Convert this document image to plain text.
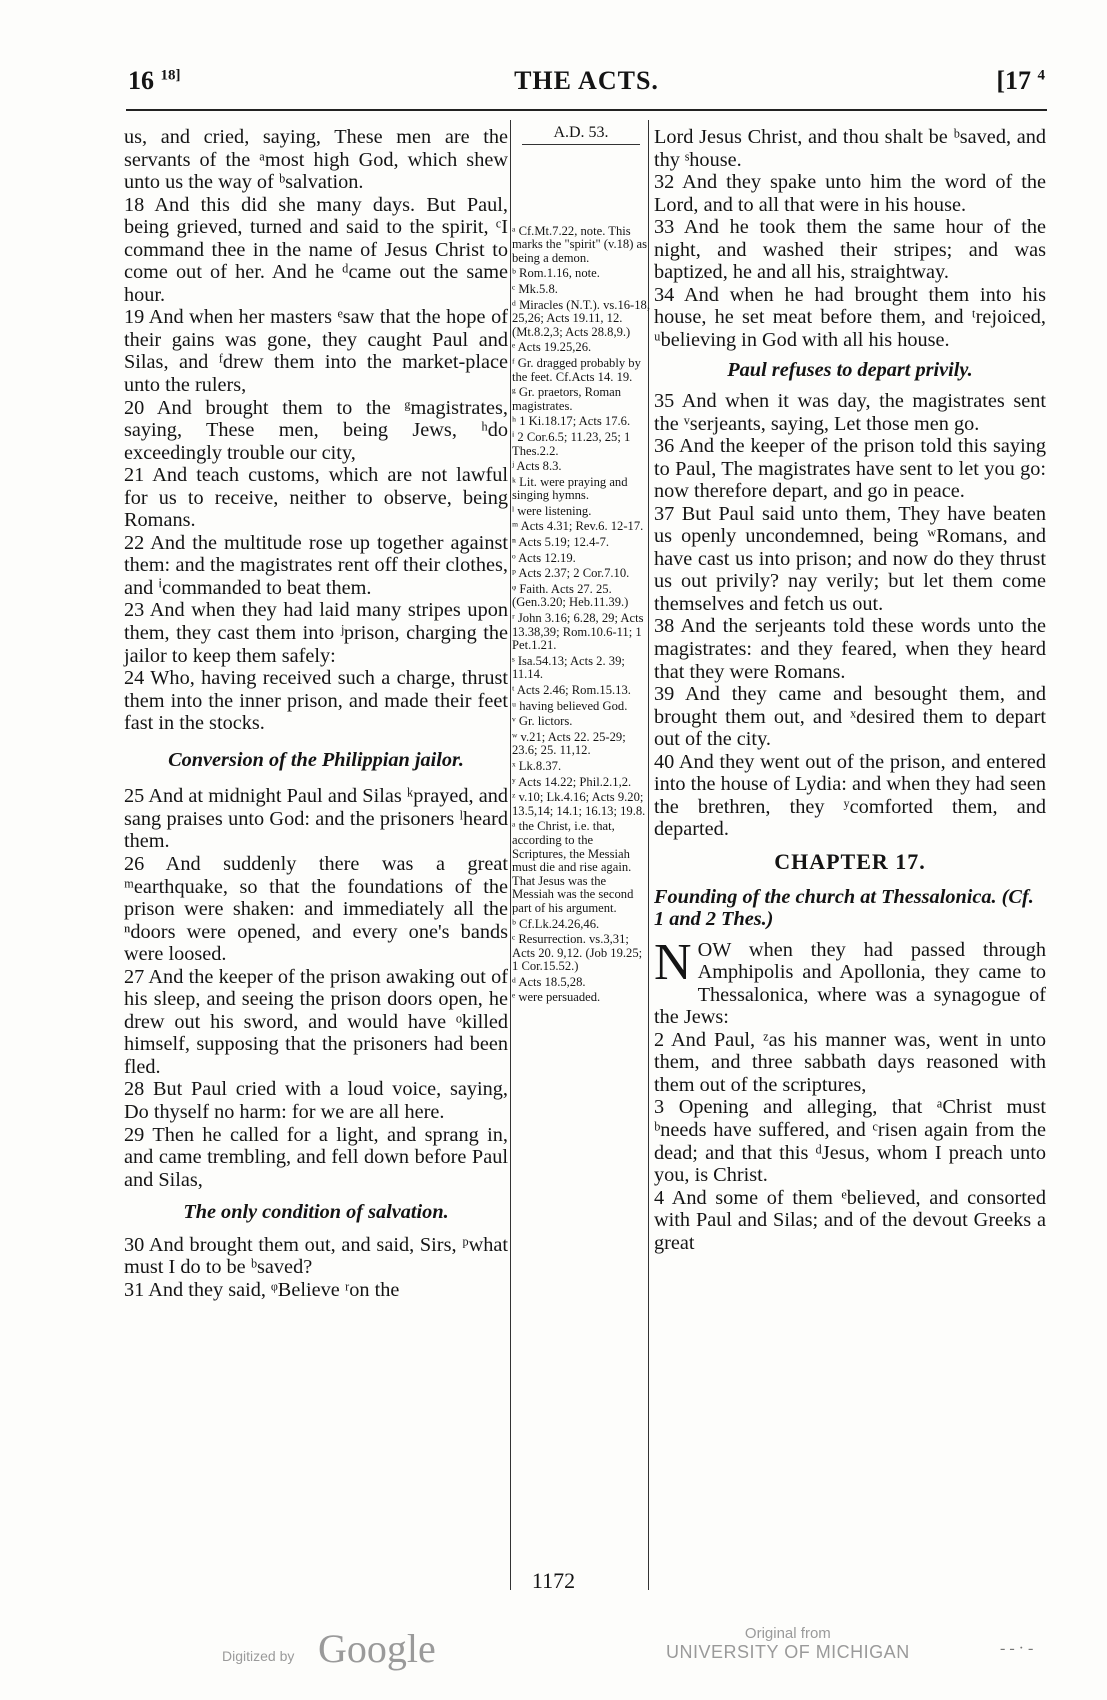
16 $^{18]}$	THE ACTS.	[17 $^4$

us, and cried, saying, These men are the servants of the ᵃmost high God, which shew unto us the way of ᵇsalvation.

18 And this did she many days. But Paul, being grieved, turned and said to the spirit, ᶜI command thee in the name of Jesus Christ to come out of her. And he ᵈcame out the same hour.

19 And when her masters ᵉsaw that the hope of their gains was gone, they caught Paul and Silas, and ᶠdrew them into the market-place unto the rulers,

20 And brought them to the ᵍmagistrates, saying, These men, being Jews, ʰdo exceedingly trouble our city,

21 And teach customs, which are not lawful for us to receive, neither to observe, being Romans.

22 And the multitude rose up together against them: and the magistrates rent off their clothes, and ⁱcommanded to beat them.

23 And when they had laid many stripes upon them, they cast them into ʲprison, charging the jailor to keep them safely:

24 Who, having received such a charge, thrust them into the inner prison, and made their feet fast in the stocks.

Conversion of the Philippian jailor.

25 And at midnight Paul and Silas ᵏprayed, and sang praises unto God: and the prisoners ˡheard them.

26 And suddenly there was a great ᵐearthquake, so that the foundations of the prison were shaken: and immediately all the ⁿdoors were opened, and every one's bands were loosed.

27 And the keeper of the prison awaking out of his sleep, and seeing the prison doors open, he drew out his sword, and would have ᵒkilled himself, supposing that the prisoners had been fled.

28 But Paul cried with a loud voice, saying, Do thyself no harm: for we are all here.

29 Then he called for a light, and sprang in, and came trembling, and fell down before Paul and Silas,

The only condition of salvation.

30 And brought them out, and said, Sirs, ᵖwhat must I do to be ᵇsaved?

31 And they said, ᵠBelieve ʳon the

A.D. 53.

ᵃ Cf.Mt.7.22, note. This marks the "spirit" (v.18) as being a demon.

ᵇ Rom.1.16, note.

ᶜ Mk.5.8.

ᵈ Miracles (N.T.). vs.16-18, 25,26; Acts 19.11, 12. (Mt.8.2,3; Acts 28.8,9.)

ᵉ Acts 19.25,26.

ᶠ Gr. dragged probably by the feet. Cf.Acts 14. 19.

ᵍ Gr. praetors, Roman magistrates.

ʰ 1 Ki.18.17; Acts 17.6.

ⁱ 2 Cor.6.5; 11.23, 25; 1 Thes.2.2.

ʲ Acts 8.3.

ᵏ Lit. were praying and singing hymns.

ˡ were listening.

ᵐ Acts 4.31; Rev.6. 12-17.

ⁿ Acts 5.19; 12.4-7.

ᵒ Acts 12.19.

ᵖ Acts 2.37; 2 Cor.7.10.

ᵠ Faith. Acts 27. 25. (Gen.3.20; Heb.11.39.)

ʳ John 3.16; 6.28, 29; Acts 13.38,39; Rom.10.6-11; 1 Pet.1.21.

ˢ Isa.54.13; Acts 2. 39; 11.14.

ᵗ Acts 2.46; Rom.15.13.

ᵘ having believed God.

ᵛ Gr. lictors.

ʷ v.21; Acts 22. 25-29; 23.6; 25. 11,12.

ˣ Lk.8.37.

ʸ Acts 14.22; Phil.2.1,2.

ᶻ v.10; Lk.4.16; Acts 9.20; 13.5,14; 14.1; 16.13; 19.8.

ᵃ the Christ, i.e. that, according to the Scriptures, the Messiah must die and rise again. That Jesus was the Messiah was the second part of his argument.

ᵇ Cf.Lk.24.26,46.

ᶜ Resurrection. vs.3,31; Acts 20. 9,12. (Job 19.25; 1 Cor.15.52.)

ᵈ Acts 18.5,28.

ᵉ were persuaded.

Lord Jesus Christ, and thou shalt be ᵇsaved, and thy ˢhouse.

32 And they spake unto him the word of the Lord, and to all that were in his house.

33 And he took them the same hour of the night, and washed their stripes; and was baptized, he and all his, straightway.

34 And when he had brought them into his house, he set meat before them, and ᵗrejoiced, ᵘbelieving in God with all his house.

Paul refuses to depart privily.

35 And when it was day, the magistrates sent the ᵛserjeants, saying, Let those men go.

36 And the keeper of the prison told this saying to Paul, The magistrates have sent to let you go: now therefore depart, and go in peace.

37 But Paul said unto them, They have beaten us openly uncondemned, being ʷRomans, and have cast us into prison; and now do they thrust us out privily? nay verily; but let them come themselves and fetch us out.

38 And the serjeants told these words unto the magistrates: and they feared, when they heard that they were Romans.

39 And they came and besought them, and brought them out, and ˣdesired them to depart out of the city.

40 And they went out of the prison, and entered into the house of Lydia: and when they had seen the brethren, they ʸcomforted them, and departed.

CHAPTER 17.

Founding of the church at Thessalonica. (Cf. 1 and 2 Thes.)

NOW when they had passed through Amphipolis and Apollonia, they came to Thessalonica, where was a synagogue of the Jews:

2 And Paul, ᶻas his manner was, went in unto them, and three sabbath days reasoned with them out of the scriptures,

3 Opening and alleging, that ᵃChrist must ᵇneeds have suffered, and ᶜrisen again from the dead; and that this ᵈJesus, whom I preach unto you, is Christ.

4 And some of them ᵉbelieved, and consorted with Paul and Silas; and of the devout Greeks a great

1172
Digitized by Google	Original from
UNIVERSITY OF MICHIGAN	- - · -
